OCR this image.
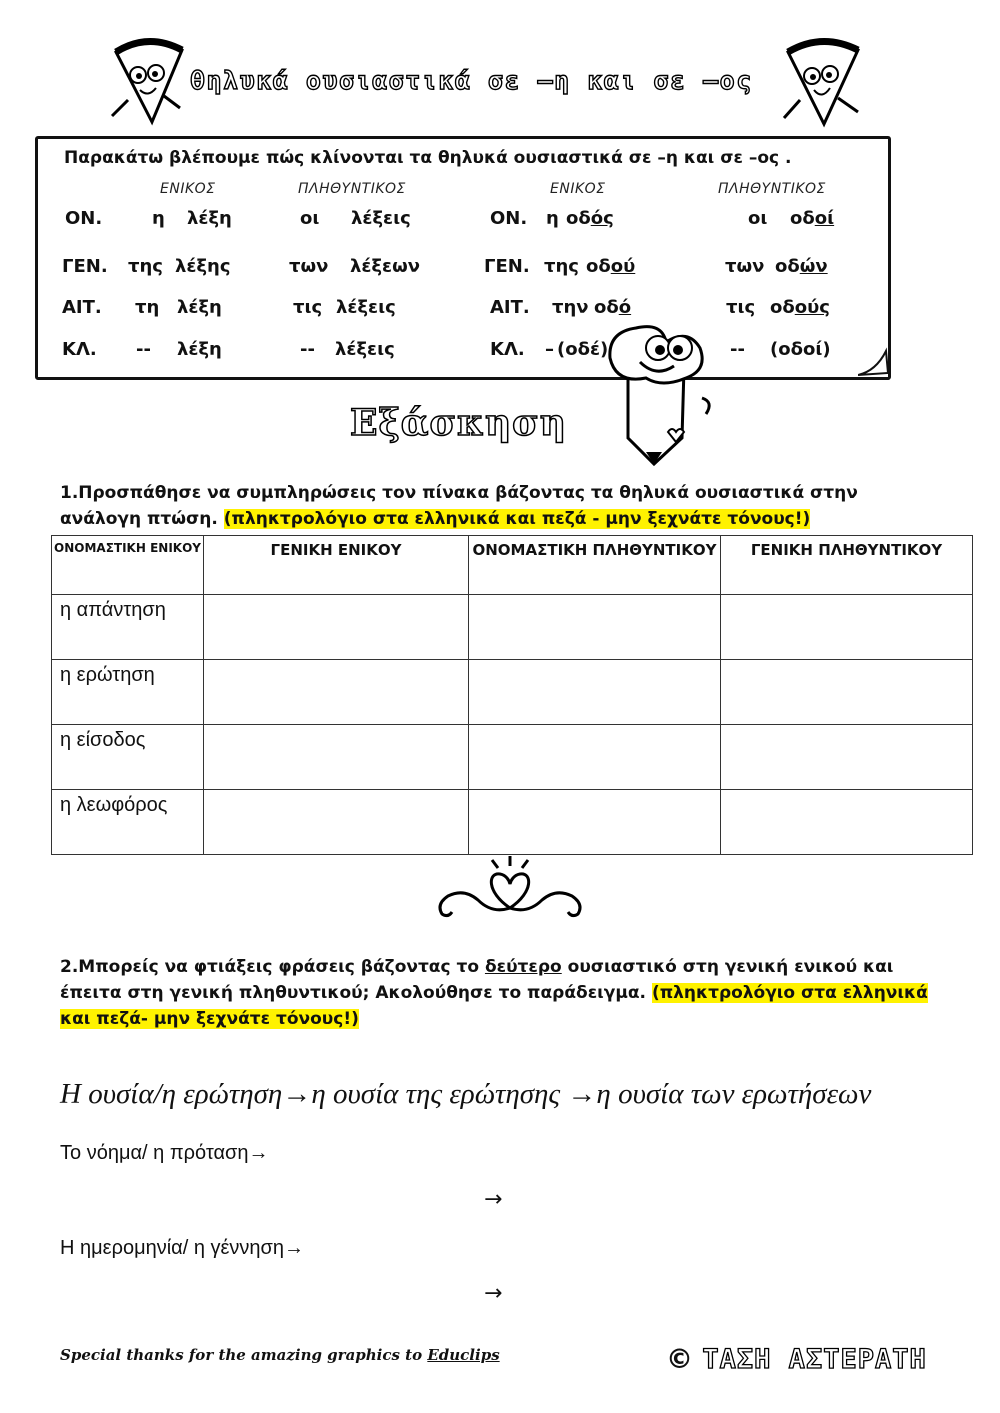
θηλυκά ουσιαστικά σε –η και σε –ος
Παρακάτω βλέπουμε πώς κλίνονται τα θηλυκά ουσιαστικά σε –η και σε –ος .
ΕΝΙΚΟΣ	ΠΛΗΘΥΝΤΙΚΟΣ	ΕΝΙΚΟΣ	ΠΛΗΘΥΝΤΙΚΟΣ
ΟΝ.	η λέξη	οι λέξεις
ΓΕΝ. της λέξης	των λέξεων
ΑΙΤ. τη λέξη	τις λέξεις
ΚΛ. -- λέξη	-- λέξεις
ΟΝ. η οδός	οι οδοί
ΓΕΝ. της οδού	των οδών
ΑΙΤ. την οδό	τις οδούς
ΚΛ. – (οδέ)	-- (οδοί)
Εξάσκηση
1.Προσπάθησε να συμπληρώσεις τον πίνακα βάζοντας τα θηλυκά ουσιαστικά στην ανάλογη πτώση. (πληκτρολόγιο στα ελληνικά και πεζά - μην ξεχνάτε τόνους!)
ΟΝΟΜΑΣΤΙΚΗ ΕΝΙΚΟΥ	ΓΕΝΙΚΗ ΕΝΙΚΟΥ	ΟΝΟΜΑΣΤΙΚΗ ΠΛΗΘΥΝΤΙΚΟΥ	ΓΕΝΙΚΗ ΠΛΗΘΥΝΤΙΚΟΥ
η απάντηση			
η ερώτηση			
η είσοδος			
η λεωφόρος			
2.Μπορείς να φτιάξεις φράσεις βάζοντας το δεύτερο ουσιαστικό στη γενική ενικού και έπειτα στη γενική πληθυντικού; Ακολούθησε το παράδειγμα. (πληκτρολόγιο στα ελληνικά και πεζά- μην ξεχνάτε τόνους!)
Η ουσία/η ερώτηση→η ουσία της ερώτησης →η ουσία των ερωτήσεων
Το νόημα/ η πρόταση→
→
Η ημερομηνία/ η γέννηση→
→
Special thanks for the amazing graphics to Educlips	© ΤΑΣΗ ΑΣΤΕΡΑΤΗ
